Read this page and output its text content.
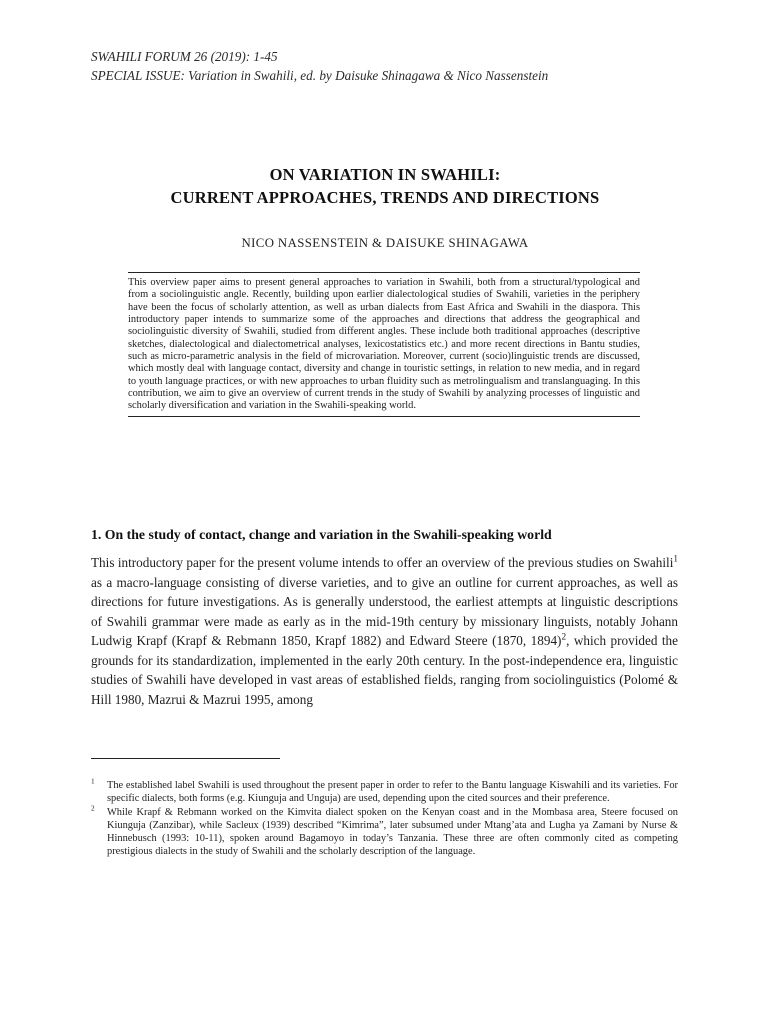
SWAHILI FORUM 26 (2019): 1-45
SPECIAL ISSUE: Variation in Swahili, ed. by Daisuke Shinagawa & Nico Nassenstein
ON VARIATION IN SWAHILI:
CURRENT APPROACHES, TRENDS AND DIRECTIONS
NICO NASSENSTEIN & DAISUKE SHINAGAWA
This overview paper aims to present general approaches to variation in Swahili, both from a structural/typological and from a sociolinguistic angle. Recently, building upon earlier dialectological studies of Swahili, varieties in the periphery have been the focus of scholarly attention, as well as urban dialects from East Africa and Swahili in the diaspora. This introductory paper intends to summarize some of the approaches and directions that address the geographical and sociolinguistic diversity of Swahili, studied from different angles. These include both traditional approaches (descriptive sketches, dialectological and dialectometrical analyses, lexicostatistics etc.) and more recent directions in Bantu studies, such as micro-parametric analysis in the field of microvariation. Moreover, current (socio)linguistic trends are discussed, which mostly deal with language contact, diversity and change in touristic settings, in relation to new media, and in regard to youth language practices, or with new approaches to urban fluidity such as metrolingualism and translanguaging. In this contribution, we aim to give an overview of current trends in the study of Swahili by analyzing processes of linguistic and scholarly diversification and variation in the Swahili-speaking world.
1. On the study of contact, change and variation in the Swahili-speaking world
This introductory paper for the present volume intends to offer an overview of the previous studies on Swahili$^1$ as a macro-language consisting of diverse varieties, and to give an outline for current approaches, as well as directions for future investigations. As is generally understood, the earliest attempts at linguistic descriptions of Swahili grammar were made as early as in the mid-19th century by missionary linguists, notably Johann Ludwig Krapf (Krapf & Rebmann 1850, Krapf 1882) and Edward Steere (1870, 1894)$^2$, which provided the grounds for its standardization, implemented in the early 20th century. In the post-independence era, linguistic studies of Swahili have developed in vast areas of established fields, ranging from sociolinguistics (Polomé & Hill 1980, Mazrui & Mazrui 1995, among
$^1$	The established label Swahili is used throughout the present paper in order to refer to the Bantu language Kiswahili and its varieties. For specific dialects, both forms (e.g. Kiunguja and Unguja) are used, depending upon the cited sources and their preference.
$^2$	While Krapf & Rebmann worked on the Kimvita dialect spoken on the Kenyan coast and in the Mombasa area, Steere focused on Kiunguja (Zanzibar), while Sacleux (1939) described “Kimrima”, later subsumed under Mtang’ata and Lugha ya Zamani by Nurse & Hinnebusch (1993: 10-11), spoken around Bagamoyo in today’s Tanzania. These three are often commonly cited as competing prestigious dialects in the study of Swahili and the scholarly description of the language.
